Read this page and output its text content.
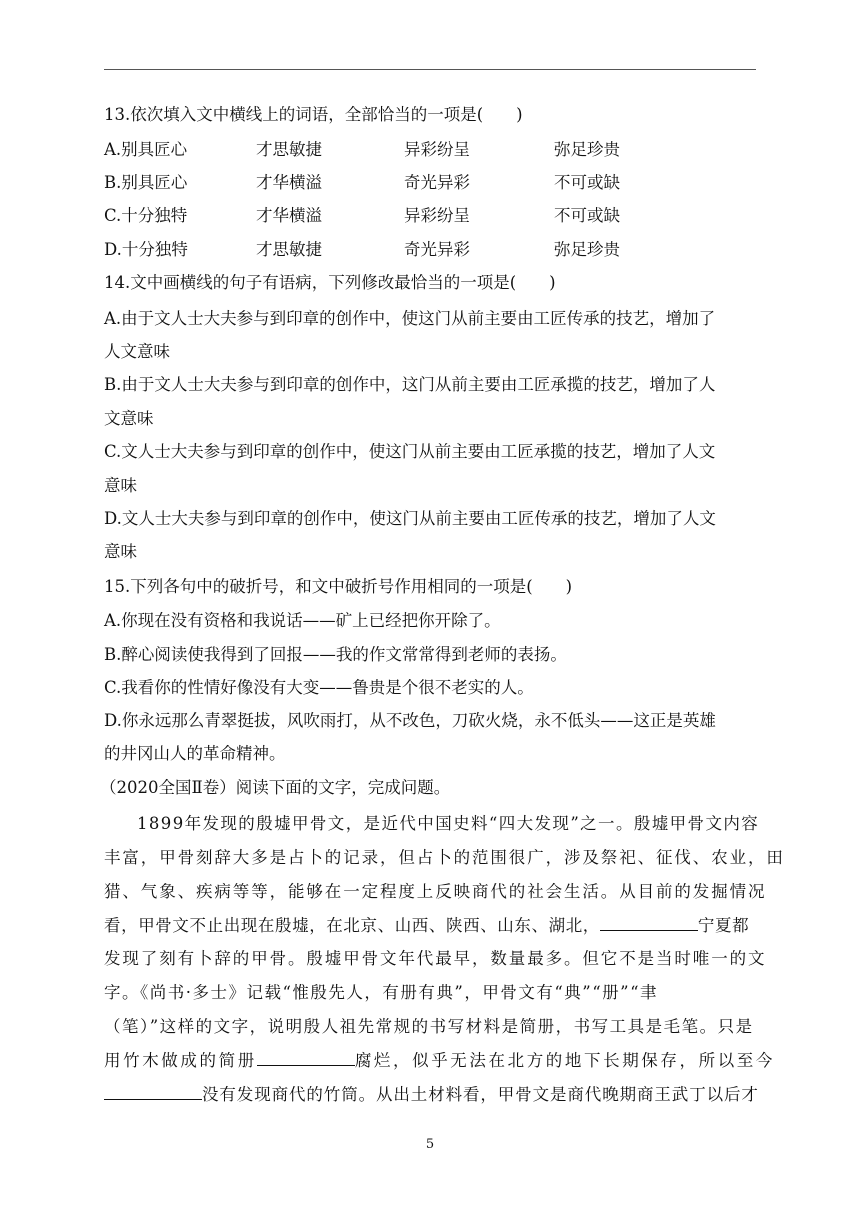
13.依次填入文中横线上的词语，全部恰当的一项是(　　)
A.别具匠心	才思敏捷	异彩纷呈	弥足珍贵
B.别具匠心	才华横溢	奇光异彩	不可或缺
C.十分独特	才华横溢	异彩纷呈	不可或缺
D.十分独特	才思敏捷	奇光异彩	弥足珍贵
14.文中画横线的句子有语病，下列修改最恰当的一项是(　　)
A.由于文人士大夫参与到印章的创作中，使这门从前主要由工匠传承的技艺，增加了
人文意味
B.由于文人士大夫参与到印章的创作中，这门从前主要由工匠承揽的技艺，增加了人
文意味
C.文人士大夫参与到印章的创作中，使这门从前主要由工匠承揽的技艺，增加了人文
意味
D.文人士大夫参与到印章的创作中，使这门从前主要由工匠传承的技艺，增加了人文
意味
15.下列各句中的破折号，和文中破折号作用相同的一项是(　　)
A.你现在没有资格和我说话——矿上已经把你开除了。
B.醉心阅读使我得到了回报——我的作文常常得到老师的表扬。
C.我看你的性情好像没有大变——鲁贵是个很不老实的人。
D.你永远那么青翠挺拔，风吹雨打，从不改色，刀砍火烧，永不低头——这正是英雄
的井冈山人的革命精神。
（2020全国Ⅱ卷）阅读下面的文字，完成问题。
1899年发现的殷墟甲骨文，是近代中国史料“四大发现”之一。殷墟甲骨文内容
丰富，甲骨刻辞大多是占卜的记录，但占卜的范围很广，涉及祭祀、征伐、农业，田
猎、气象、疾病等等，能够在一定程度上反映商代的社会生活。从目前的发掘情况
看，甲骨文不止出现在殷墟，在北京、山西、陕西、山东、湖北，	宁夏都
发现了刻有卜辞的甲骨。殷墟甲骨文年代最早，数量最多。但它不是当时唯一的文
字。《尚书·多士》记载“惟殷先人，有册有典”，甲骨文有“典”“册”“聿
（笔）”这样的文字，说明殷人祖先常规的书写材料是简册，书写工具是毛笔。只是
用竹木做成的简册	腐烂，似乎无法在北方的地下长期保存，所以至今
没有发现商代的竹筒。从出土材料看，甲骨文是商代晚期商王武丁以后才
5
